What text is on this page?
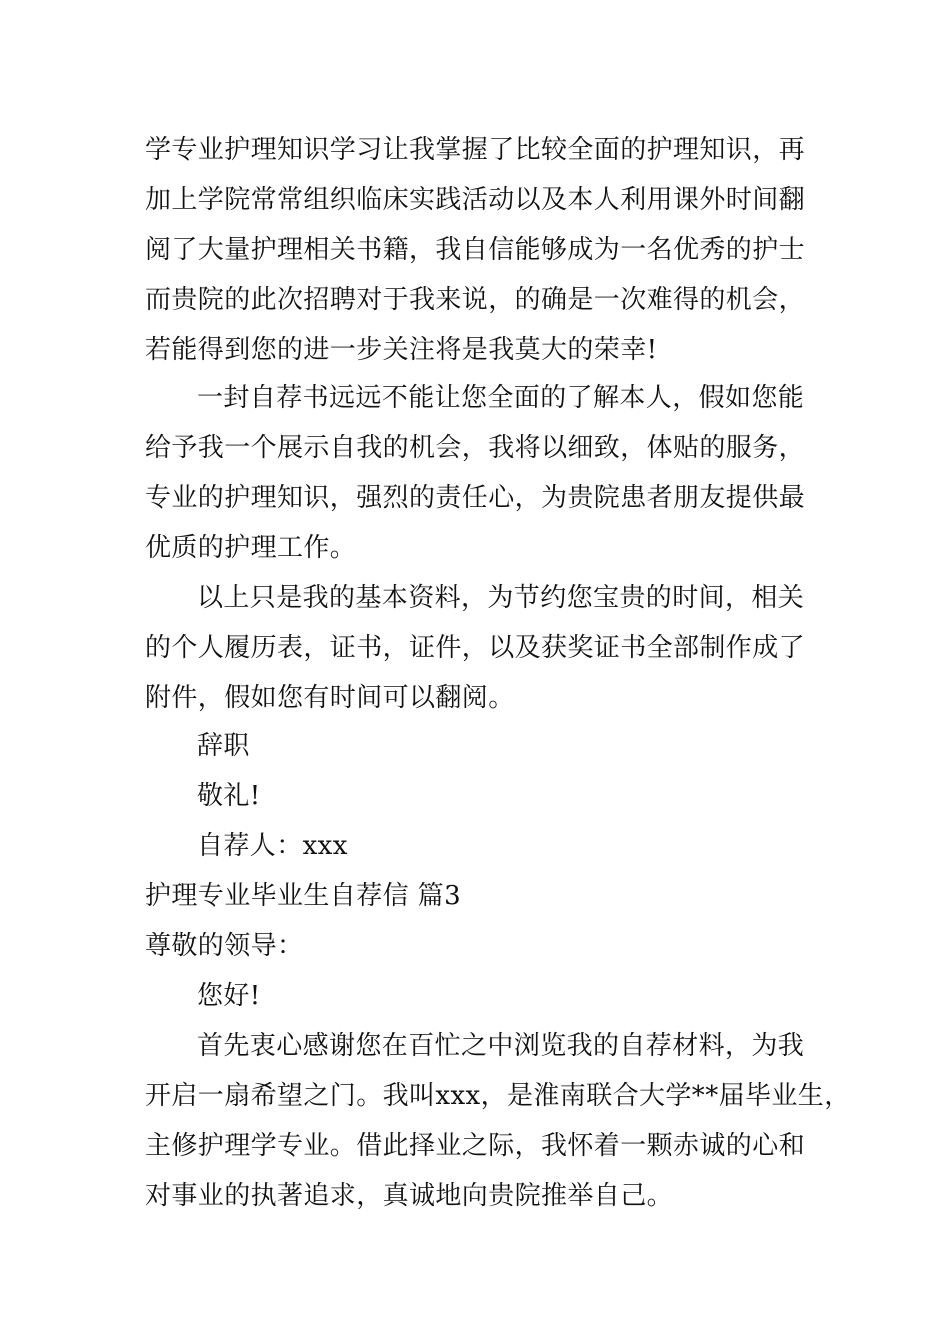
学专业护理知识学习让我掌握了比较全面的护理知识，再
加上学院常常组织临床实践活动以及本人利用课外时间翻
阅了大量护理相关书籍，我自信能够成为一名优秀的护士
而贵院的此次招聘对于我来说，的确是一次难得的机会，
若能得到您的进一步关注将是我莫大的荣幸!
一封自荐书远远不能让您全面的了解本人，假如您能
给予我一个展示自我的机会，我将以细致，体贴的服务，
专业的护理知识，强烈的责任心，为贵院患者朋友提供最
优质的护理工作。
以上只是我的基本资料，为节约您宝贵的时间，相关
的个人履历表，证书，证件，以及获奖证书全部制作成了
附件，假如您有时间可以翻阅。
辞职
敬礼!
自荐人：xxx
护理专业毕业生自荐信 篇3
尊敬的领导：
您好!
首先衷心感谢您在百忙之中浏览我的自荐材料，为我
开启一扇希望之门。我叫xxx，是淮南联合大学**届毕业生，
主修护理学专业。借此择业之际，我怀着一颗赤诚的心和
对事业的执著追求，真诚地向贵院推举自己。
